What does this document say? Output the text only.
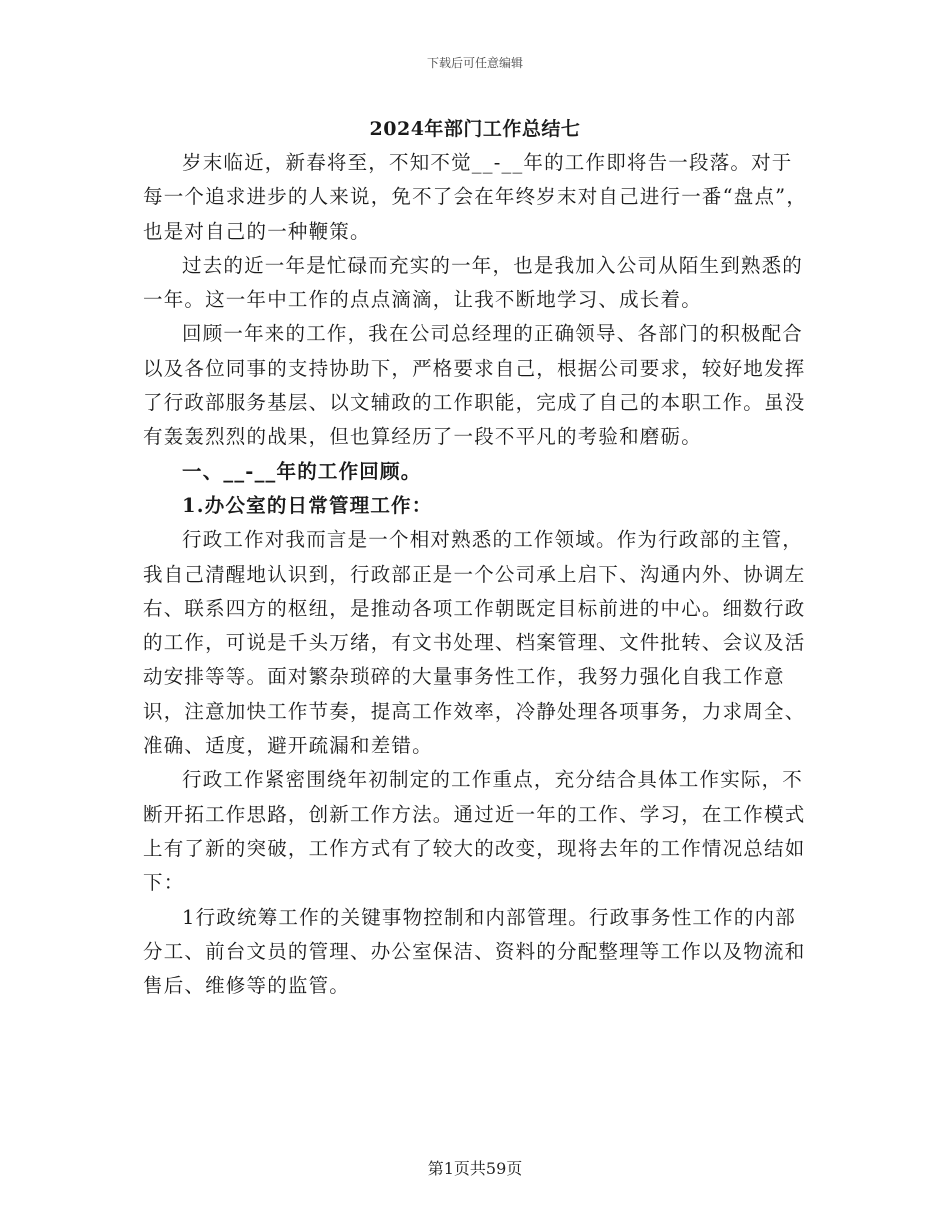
下载后可任意编辑
2024年部门工作总结七

岁末临近，新春将至，不知不觉__-__年的工作即将告一段落。对于每一个追求进步的人来说，免不了会在年终岁末对自己进行一番“盘点”，也是对自己的一种鞭策。

过去的近一年是忙碌而充实的一年，也是我加入公司从陌生到熟悉的一年。这一年中工作的点点滴滴，让我不断地学习、成长着。

回顾一年来的工作，我在公司总经理的正确领导、各部门的积极配合以及各位同事的支持协助下，严格要求自己，根据公司要求，较好地发挥了行政部服务基层、以文辅政的工作职能，完成了自己的本职工作。虽没有轰轰烈烈的战果，但也算经历了一段不平凡的考验和磨砺。

一、__-__年的工作回顾。

1.办公室的日常管理工作：

行政工作对我而言是一个相对熟悉的工作领域。作为行政部的主管，我自己清醒地认识到，行政部正是一个公司承上启下、沟通内外、协调左右、联系四方的枢纽，是推动各项工作朝既定目标前进的中心。细数行政的工作，可说是千头万绪，有文书处理、档案管理、文件批转、会议及活动安排等等。面对繁杂琐碎的大量事务性工作，我努力强化自我工作意识，注意加快工作节奏，提高工作效率，冷静处理各项事务，力求周全、准确、适度，避开疏漏和差错。

行政工作紧密围绕年初制定的工作重点，充分结合具体工作实际，不断开拓工作思路，创新工作方法。通过近一年的工作、学习，在工作模式上有了新的突破，工作方式有了较大的改变，现将去年的工作情况总结如下：

1行政统筹工作的关键事物控制和内部管理。行政事务性工作的内部分工、前台文员的管理、办公室保洁、资料的分配整理等工作以及物流和售后、维修等的监管。

第1页共59页
